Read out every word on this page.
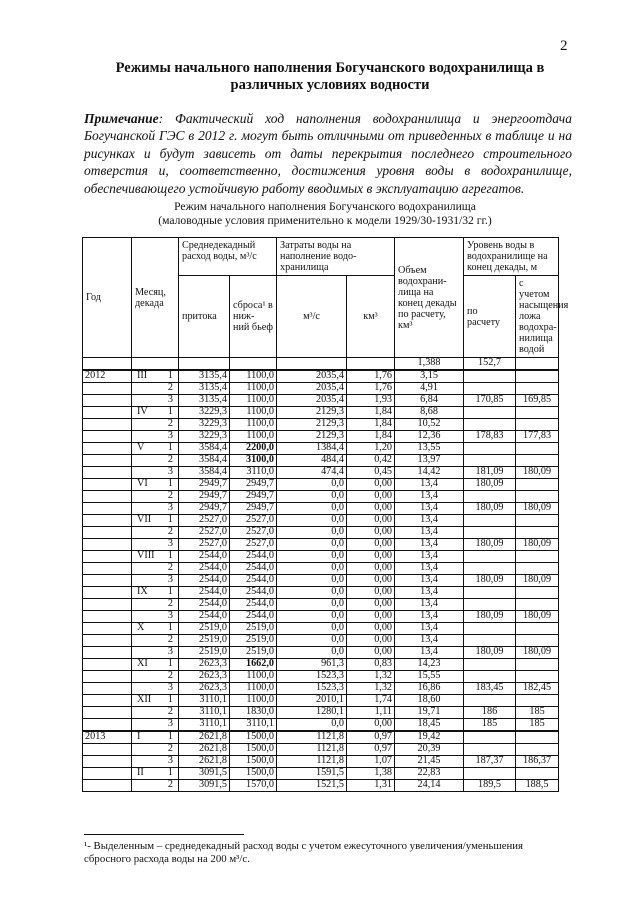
2
Режимы начального наполнения Богучанского водохранилища в
различных условиях водности
Примечание: Фактический ход наполнения водохранилища и энергоотдача Богучанской ГЭС в 2012 г. могут быть отличными от приведенных в таблице и на рисунках и будут зависеть от даты перекрытия последнего строительного отверстия и, соответственно, достижения уровня воды в водохранилище, обеспечивающего устойчивую работу вводимых в эксплуатацию агрегатов.
Режим начального наполнения Богучанского водохранилища
(маловодные условия применительно к модели 1929/30-1931/32 гг.)
Год	Месяц, декада	Среднедекадный расход воды, м³/с		Затраты воды на наполнение водо- хранилища		Объем водохрани- лища на конец декады по расчету, км³	Уровень воды в водохранилище на конец декады, м	
		притока	сброса¹ в ниж- ний бьеф	м³/с	км³		по расчету	с учетом насыщения ложа водохра- нилища водой
						1,388	152,7	
2012	III 1	3135,4	1100,0	2035,4	1,76	3,15		

	2	3135,4	1100,0	2035,4	1,76	4,91		

	3	3135,4	1100,0	2035,4	1,93	6,84	170,85	169,85

	IV 1	3229,3	1100,0	2129,3	1,84	8,68		

	2	3229,3	1100,0	2129,3	1,84	10,52		

	3	3229,3	1100,0	2129,3	1,84	12,36	178,83	177,83

	V 1	3584,4	2200,0	1384,4	1,20	13,55		

	2	3584,4	3100,0	484,4	0,42	13,97		

	3	3584,4	3110,0	474,4	0,45	14,42	181,09	180,09

	VI 1	2949,7	2949,7	0,0	0,00	13,4	180,09	

	2	2949,7	2949,7	0,0	0,00	13,4		

	3	2949,7	2949,7	0,0	0,00	13,4	180,09	180,09

	VII 1	2527,0	2527,0	0,0	0,00	13,4		

	2	2527,0	2527,0	0,0	0,00	13,4		

	3	2527,0	2527,0	0,0	0,00	13,4	180,09	180,09

	VIII 1	2544,0	2544,0	0,0	0,00	13,4		

	2	2544,0	2544,0	0,0	0,00	13,4		

	3	2544,0	2544,0	0,0	0,00	13,4	180,09	180,09

	IX 1	2544,0	2544,0	0,0	0,00	13,4		

	2	2544,0	2544,0	0,0	0,00	13,4		

	3	2544,0	2544,0	0,0	0,00	13,4	180,09	180,09

	X 1	2519,0	2519,0	0,0	0,00	13,4		

	2	2519,0	2519,0	0,0	0,00	13,4		

	3	2519,0	2519,0	0,0	0,00	13,4	180,09	180,09

	XI 1	2623,3	1662,0	961,3	0,83	14,23		

	2	2623,3	1100,0	1523,3	1,32	15,55		

	3	2623,3	1100,0	1523,3	1,32	16,86	183,45	182,45

	XII 1	3110,1	1100,0	2010,1	1,74	18,60		

	2	3110,1	1830,0	1280,1	1,11	19,71	186	185

	3	3110,1	3110,1	0,0	0,00	18,45	185	185
2013	I 1	2621,8	1500,0	1121,8	0,97	19,42		

	2	2621,8	1500,0	1121,8	0,97	20,39		

	3	2621,8	1500,0	1121,8	1,07	21,45	187,37	186,37

	II 1	3091,5	1500,0	1591,5	1,38	22,83		

	2	3091,5	1570,0	1521,5	1,31	24,14	189,5	188,5
¹- Выделенным – среднедекадный расход воды с учетом ежесуточного увеличения/уменьшения
сбросного расхода воды на 200 м³/с.
